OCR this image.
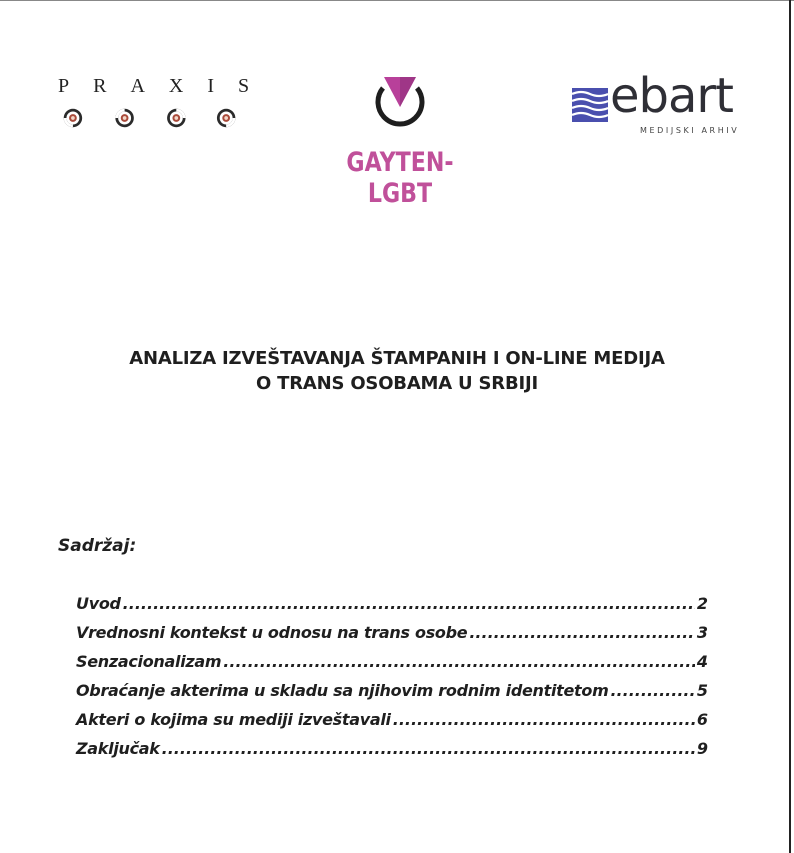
PRAXIS
GAYTEN-LGBT
ebart
MEDIJSKI ARHIV
ANALIZA IZVEŠTAVANJA ŠTAMPANIH I ON-LINE MEDIJA
O TRANS OSOBAMA U SRBIJI
Sadržaj:
Uvod .....	2
Vrednosni kontekst u odnosu na trans osobe .....	3
Senzacionalizam .....	4
Obraćanje akterima u skladu sa njihovim rodnim identitetom .....	5
Akteri o kojima su mediji izveštavali .....	6
Zaključak .....	9
